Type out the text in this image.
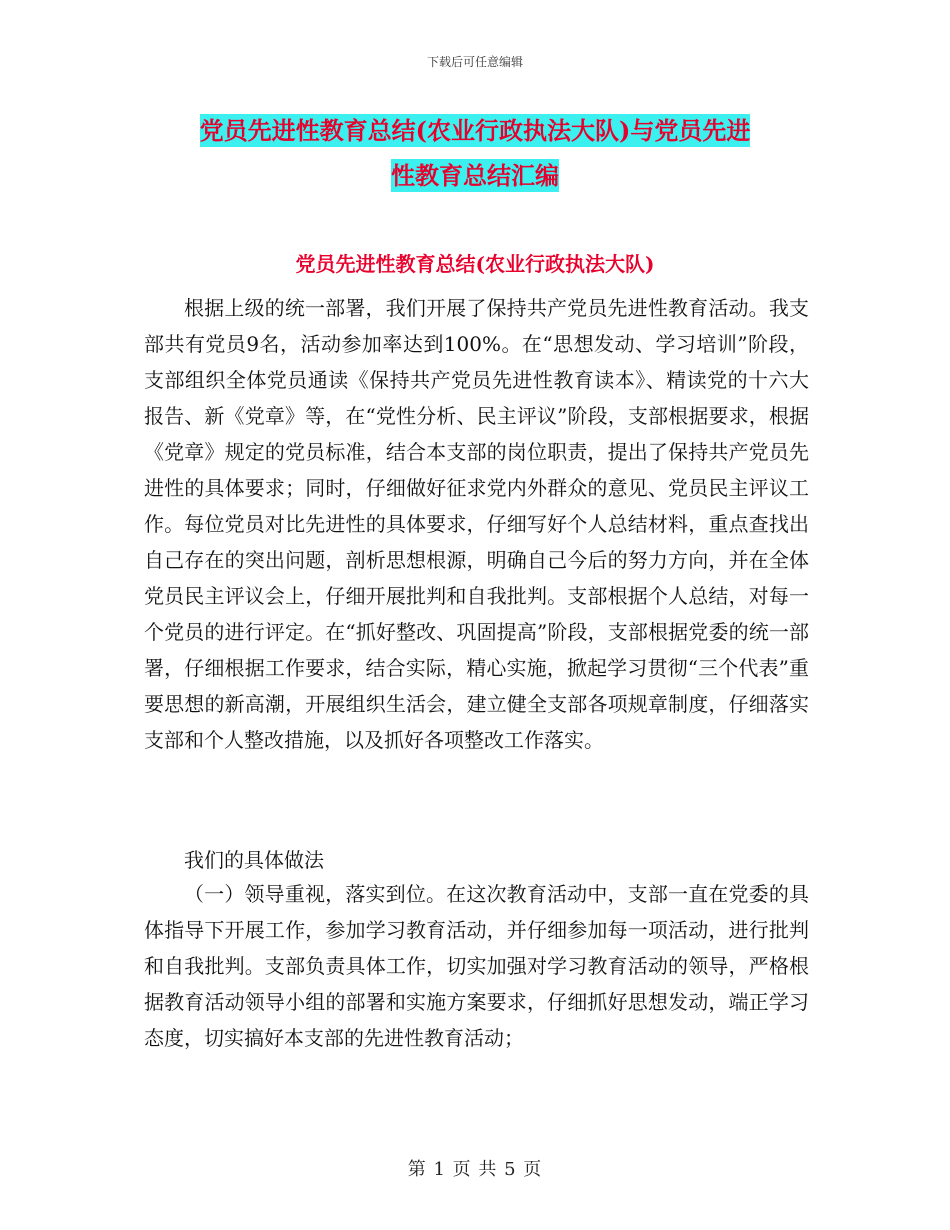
下载后可任意编辑
党员先进性教育总结(农业行政执法大队)与党员先进
性教育总结汇编
党员先进性教育总结(农业行政执法大队)

根据上级的统一部署，我们开展了保持共产党员先进性教育活动。我支部共有党员9名，活动参加率达到100%。在“思想发动、学习培训”阶段，支部组织全体党员通读《保持共产党员先进性教育读本》、精读党的十六大报告、新《党章》等，在“党性分析、民主评议”阶段，支部根据要求，根据《党章》规定的党员标准，结合本支部的岗位职责，提出了保持共产党员先进性的具体要求；同时，仔细做好征求党内外群众的意见、党员民主评议工作。每位党员对比先进性的具体要求，仔细写好个人总结材料，重点查找出自己存在的突出问题，剖析思想根源，明确自己今后的努力方向，并在全体党员民主评议会上，仔细开展批判和自我批判。支部根据个人总结，对每一个党员的进行评定。在“抓好整改、巩固提高”阶段，支部根据党委的统一部署，仔细根据工作要求，结合实际，精心实施，掀起学习贯彻“三个代表”重要思想的新高潮，开展组织生活会，建立健全支部各项规章制度，仔细落实支部和个人整改措施，以及抓好各项整改工作落实。

我们的具体做法

（一）领导重视，落实到位。在这次教育活动中，支部一直在党委的具体指导下开展工作，参加学习教育活动，并仔细参加每一项活动，进行批判和自我批判。支部负责具体工作，切实加强对学习教育活动的领导，严格根据教育活动领导小组的部署和实施方案要求，仔细抓好思想发动，端正学习态度，切实搞好本支部的先进性教育活动；

第 1 页 共 5 页
